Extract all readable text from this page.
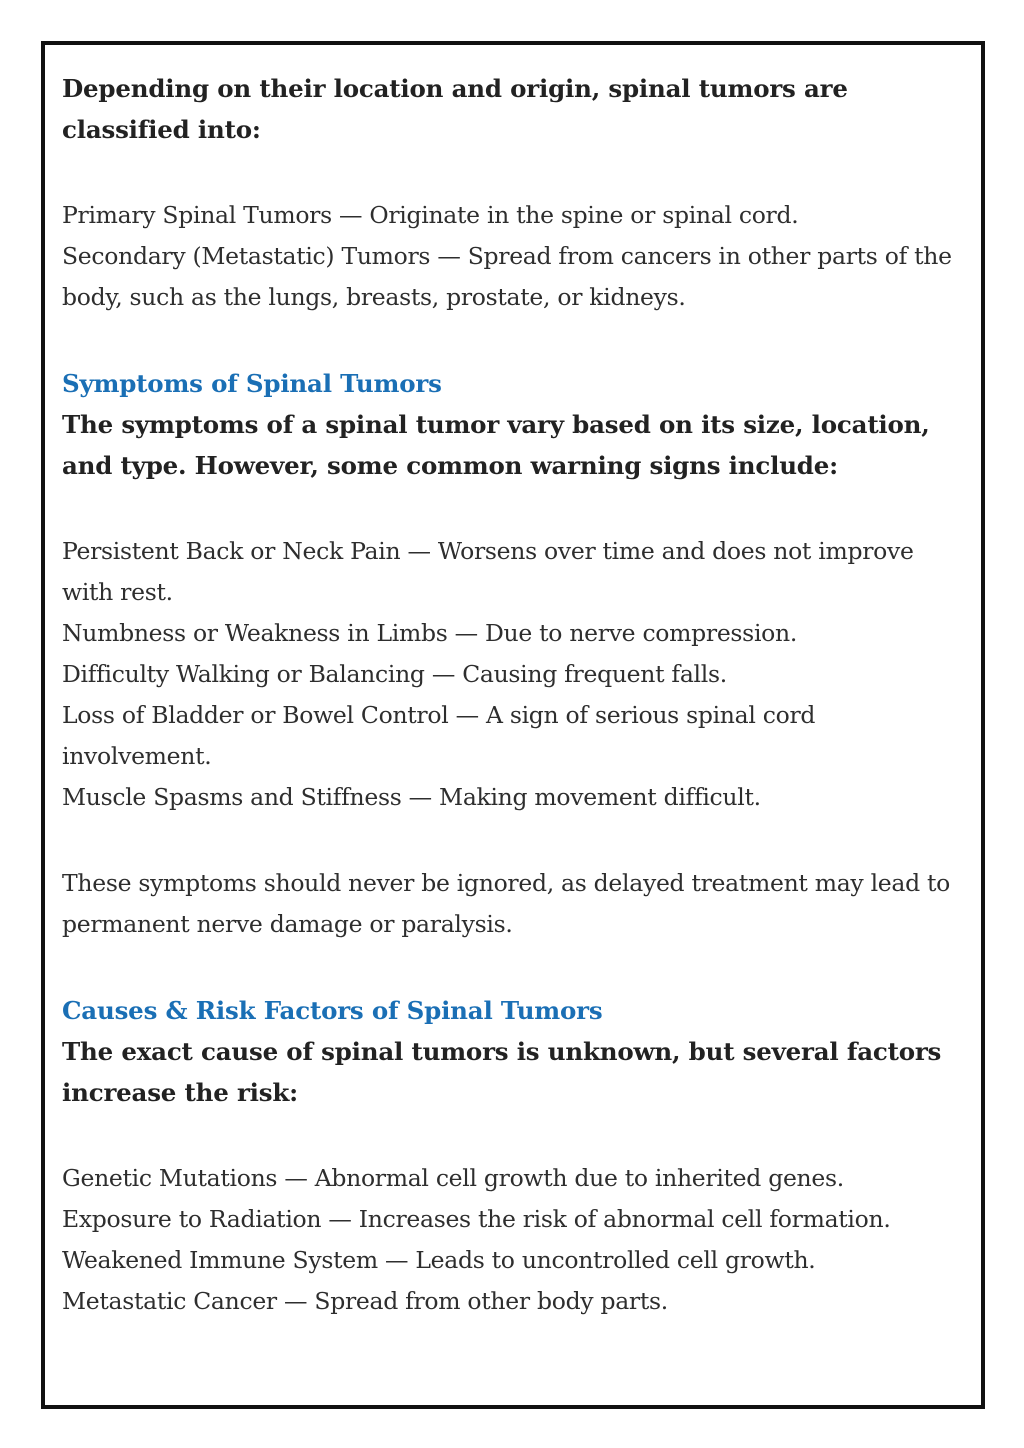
Depending on their location and origin, spinal tumors are classified into:

Primary Spinal Tumors — Originate in the spine or spinal cord.

Secondary (Metastatic) Tumors — Spread from cancers in other parts of the body, such as the lungs, breasts, prostate, or kidneys.

Symptoms of Spinal Tumors

The symptoms of a spinal tumor vary based on its size, location, and type. However, some common warning signs include:

Persistent Back or Neck Pain — Worsens over time and does not improve with rest.

Numbness or Weakness in Limbs — Due to nerve compression.

Difficulty Walking or Balancing — Causing frequent falls.

Loss of Bladder or Bowel Control — A sign of serious spinal cord involvement.

Muscle Spasms and Stiffness — Making movement difficult.

These symptoms should never be ignored, as delayed treatment may lead to permanent nerve damage or paralysis.

Causes & Risk Factors of Spinal Tumors

The exact cause of spinal tumors is unknown, but several factors increase the risk:

Genetic Mutations — Abnormal cell growth due to inherited genes.

Exposure to Radiation — Increases the risk of abnormal cell formation.

Weakened Immune System — Leads to uncontrolled cell growth.

Metastatic Cancer — Spread from other body parts.
